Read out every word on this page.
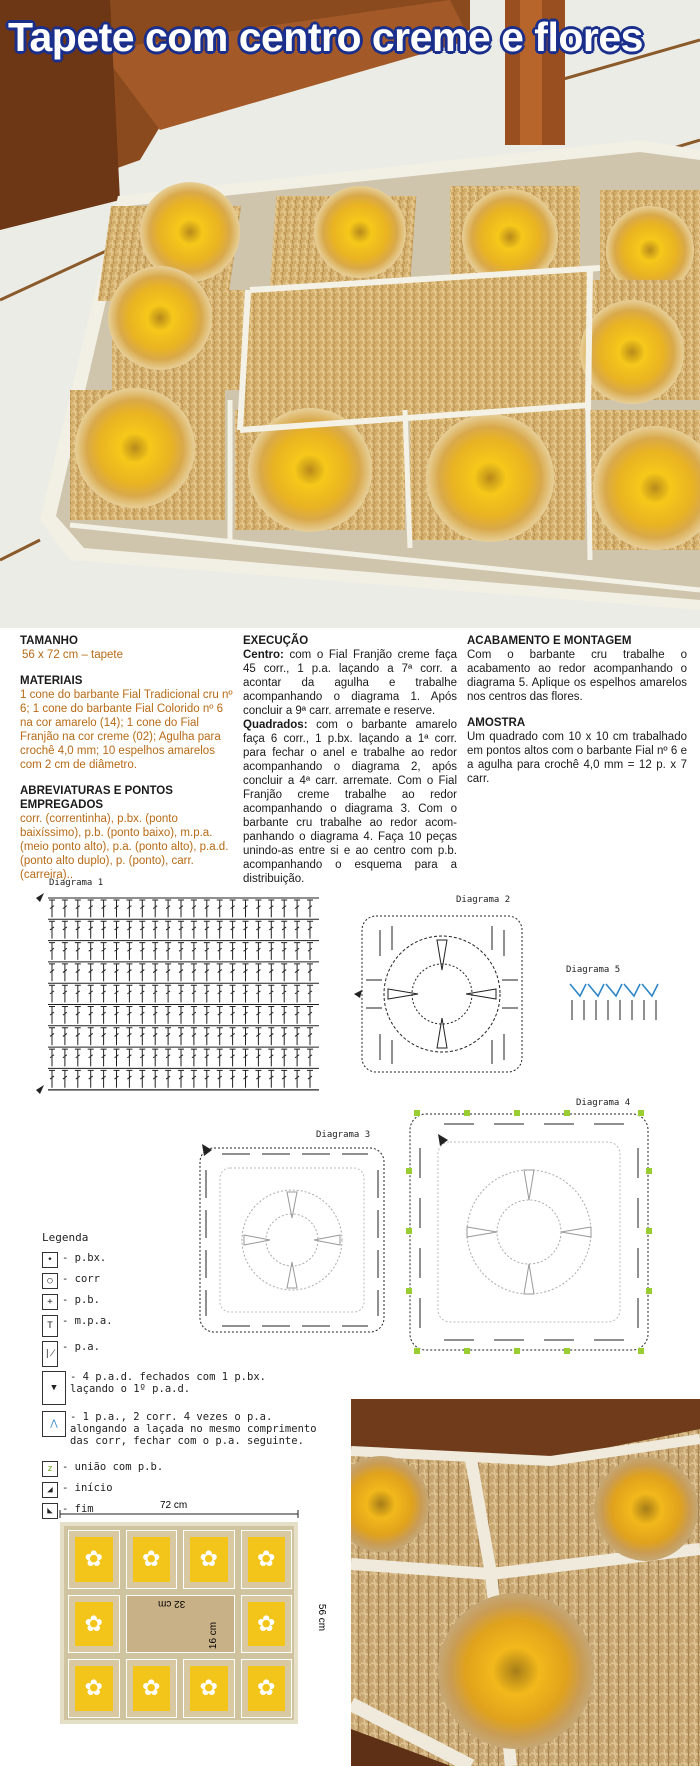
Tapete com centro creme e flores
TAMANHO
56 x 72 cm – tapete
MATERIAIS
1 cone do barbante Fial Tradicional cru nº 6; 1 cone do barbante Fial Colorido nº 6 na cor amarelo (14); 1 cone do Fial Franjão na cor creme (02); Agulha para crochê 4,0 mm; 10 espelhos amarelos com 2 cm de diâmetro.
ABREVIATURAS E PONTOS EMPREGADOS
corr. (correntinha), p.bx. (ponto baixíssimo), p.b. (ponto baixo), m.p.a. (meio ponto alto), p.a. (ponto alto), p.a.d. (ponto alto duplo), p. (ponto), carr. (carreira)..
EXECUÇÃO
Centro: com o Fial Franjão creme faça 45 corr., 1 p.a. laçando a 7ª corr. a acontar da agulha e trabalhe acompanhando o diagrama 1. Após concluir a 9ª carr. arremate e reserve.
Quadrados: com o barbante amarelo faça 6 corr., 1 p.bx. laçando a 1ª corr. para fechar o anel e trabalhe ao redor acompanhando o diagrama 2, após concluir a 4ª carr. arremate. Com o Fial Franjão creme trabalhe ao redor acompanhando o diagrama 3. Com o barbante cru trabalhe ao redor acom-panhando o diagrama 4. Faça 10 peças unindo-as entre si e ao centro com p.b. acompanhando o esquema para a distribuição.
ACABAMENTO E MONTAGEM
Com o barbante cru trabalhe o acabamento ao redor acompanhando o diagrama 5. Aplique os espelhos amarelos nos centros das flores.
AMOSTRA
Um quadrado com 10 x 10 cm trabalhado em pontos altos com o barbante Fial nº 6 e a agulha para crochê 4,0 mm = 12 p. x 7 carr.
Diagrama 1
Diagrama 2
Diagrama 5
Diagrama 3
Diagrama 4
Legenda
• - p.bx.
○ - corr
+ - p.b.
T - m.p.a.
∤
- p.a.
▼
- 4 p.a.d. fechados com 1 p.bx. laçando o 1º p.a.d.
⋀
- 1 p.a., 2 corr. 4 vezes o p.a. alongando a laçada no mesmo comprimento das corr, fechar com o p.a. seguinte.
z - união com p.b.
◢ - início
◣ - fim	72 cm
✿	✿	✿	✿
✿	✿
✿	✿	✿	✿
32 cm
16 cm
56 cm
